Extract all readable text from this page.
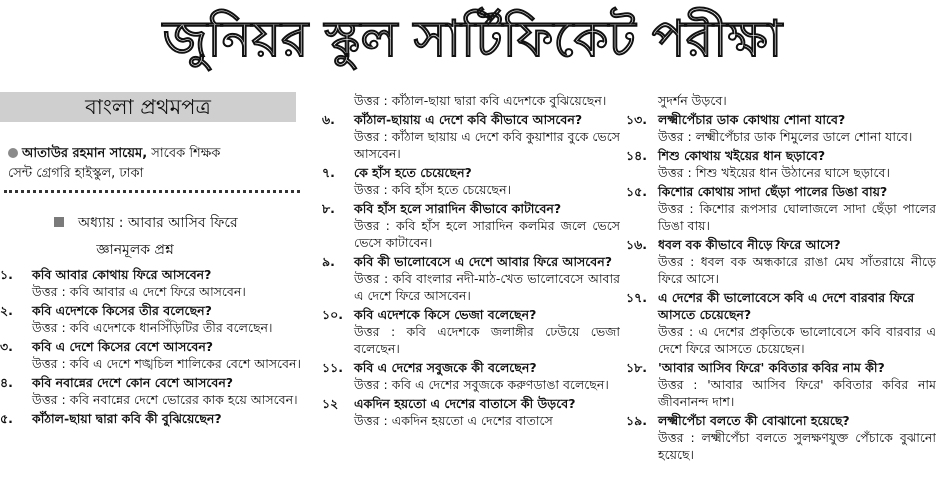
জুনিয়র স্কুল সার্টিফিকেট পরীক্ষা
বাংলা প্রথমপত্র
আতাউর রহমান সায়েম, সাবেক শিক্ষক
সেন্ট গ্রেগরি হাইস্কুল, ঢাকা
অধ্যায় : আবার আসিব ফিরে
জ্ঞানমূলক প্রশ্ন
১.	কবি আবার কোথায় ফিরে আসবেন?
উত্তর : কবি আবার এ দেশে ফিরে আসবেন।
২.	কবি এদেশকে কিসের তীর বলেছেন?
উত্তর : কবি এদেশকে ধানসিঁড়িটির তীর বলেছেন।
৩.	কবি এ দেশে কিসের বেশে আসবেন?
উত্তর : কবি এ দেশে শঙ্খচিল শালিকের বেশে আসবেন।
৪.	কবি নবান্নের দেশে কোন বেশে আসবেন?
উত্তর : কবি নবান্নের দেশে ভোরের কাক হয়ে আসবেন।
৫.	কাঁঠাল-ছায়া দ্বারা কবি কী বুঝিয়েছেন?
উত্তর : কাঁঠাল-ছায়া দ্বারা কবি এদেশকে বুঝিয়েছেন।
৬.	কাঁঠাল-ছায়ায় এ দেশে কবি কীভাবে আসবেন?
উত্তর : কাঁঠাল ছায়ায় এ দেশে কবি কুয়াশার বুকে ভেসে আসবেন।
৭.	কে হাঁস হতে চেয়েছেন?
উত্তর : কবি হাঁস হতে চেয়েছেন।
৮.	কবি হাঁস হলে সারাদিন কীভাবে কাটাবেন?
উত্তর : কবি হাঁস হলে সারাদিন কলমির জলে ভেসে ভেসে কাটাবেন।
৯.	কবি কী ভালোবেসে এ দেশে আবার ফিরে আসবেন?
উত্তর : কবি বাংলার নদী-মাঠ-খেত ভালোবেসে আবার এ দেশে ফিরে আসবেন।
১০. কবি এদেশকে কিসে ভেজা বলেছেন?
উত্তর : কবি এদেশকে জলাঙ্গীর ঢেউয়ে ভেজা বলেছেন।
১১. কবি এ দেশের সবুজকে কী বলেছেন?
উত্তর : কবি এ দেশের সবুজকে করুণডাঙা বলেছেন।
১২	একদিন হয়তো এ দেশের বাতাসে কী উড়বে?
উত্তর : একদিন হয়তো এ দেশের বাতাসে
সুদর্শন উড়বে।
১৩. লক্ষ্মীপেঁচার ডাক কোথায় শোনা যাবে?
উত্তর : লক্ষ্মীপেঁচার ডাক শিমুলের ডালে শোনা যাবে।
১৪. শিশু কোথায় খইয়ের ধান ছড়াবে?
উত্তর : শিশু খইয়ের ধান উঠানের ঘাসে ছড়াবে।
১৫. কিশোর কোথায় সাদা ছেঁড়া পালের ডিঙা বায়?
উত্তর : কিশোর রূপসার ঘোলাজলে সাদা ছেঁড়া পালের ডিঙা বায়।
১৬. ধবল বক কীভাবে নীড়ে ফিরে আসে?
উত্তর : ধবল বক অন্ধকারে রাঙা মেঘ সাঁতরায়ে নীড়ে ফিরে আসে।
১৭. এ দেশের কী ভালোবেসে কবি এ দেশে বারবার ফিরে আসতে চেয়েছেন?
উত্তর : এ দেশের প্রকৃতিকে ভালোবেসে কবি বারবার এ দেশে ফিরে আসতে চেয়েছেন।
১৮. 'আবার আসিব ফিরে' কবিতার কবির নাম কী?
উত্তর : 'আবার আসিব ফিরে' কবিতার কবির নাম জীবনানন্দ দাশ।
১৯. লক্ষ্মীপেঁচা বলতে কী বোঝানো হয়েছে?
উত্তর : লক্ষ্মীপেঁচা বলতে সুলক্ষণযুক্ত পেঁচাকে বুঝানো হয়েছে।
